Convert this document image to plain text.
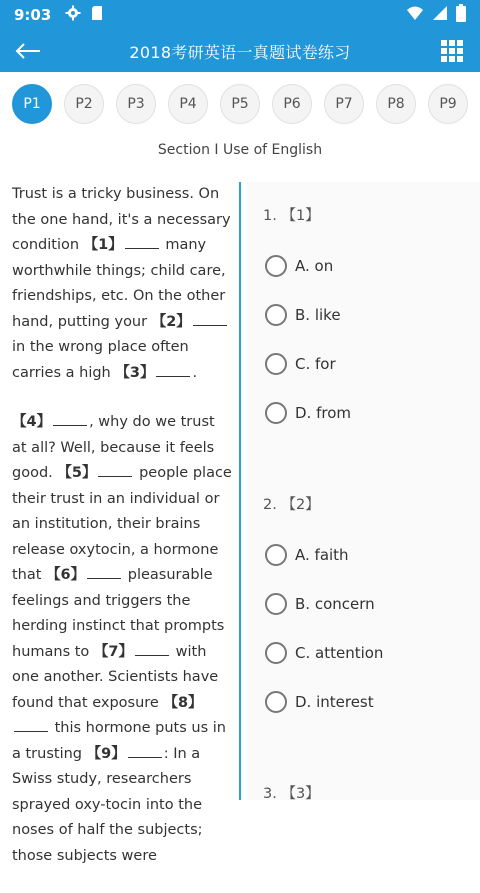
9:03
2018考研英语一真题试卷练习
P1	P2	P3	P4	P5	P6	P7	P8	P9
Section I Use of English

Trust is a tricky business. On the one hand, it's a necessary condition 【1】	many worthwhile things; child care, friendships, etc. On the other hand, putting your 【2】 in the wrong place often carries a high 【3】	.

【4】	, why do we trust at all? Well, because it feels good. 【5】	people place their trust in an individual or an institution, their brains release oxytocin, a hormone that 【6】	pleasurable feelings and triggers the herding instinct that prompts humans to 【7】	with one another. Scientists have found that exposure 【8】 this hormone puts us in a trusting 【9】	: In a Swiss study, researchers sprayed oxy-tocin into the noses of half the subjects; those subjects were

1. 【1】
A. on
B. like
C. for
D. from
2. 【2】
A. faith
B. concern
C. attention
D. interest
3. 【3】
